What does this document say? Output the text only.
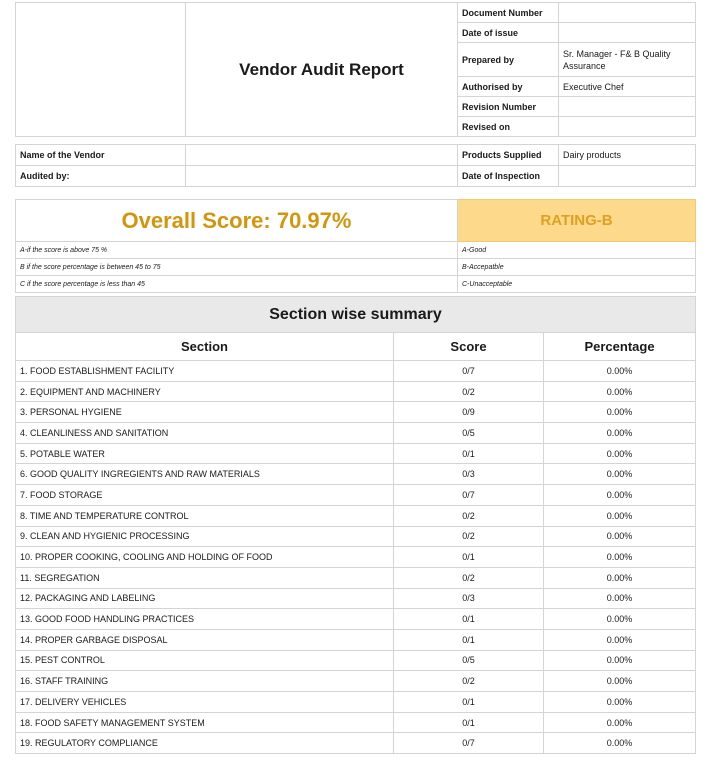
	Vendor Audit Report	Document Number	
		Date of issue	
		Prepared by	Sr. Manager - F& B Quality Assurance
		Authorised by	Executive Chef
		Revision Number	
		Revised on	
Name of the Vendor		Products Supplied	Dairy products
Audited by:		Date of Inspection	
Overall Score: 70.97%	RATING-B
A-if the score is above 75 %	A-Good
B if the score percentage is between 45 to 75	B-Accepatble
C if the score percentage is less than 45	C-Unacceptable
Section wise summary		
Section	Score	Percentage
1. FOOD ESTABLISHMENT FACILITY	0/7	0.00%
2. EQUIPMENT AND MACHINERY	0/2	0.00%
3. PERSONAL HYGIENE	0/9	0.00%
4. CLEANLINESS AND SANITATION	0/5	0.00%
5. POTABLE WATER	0/1	0.00%
6. GOOD QUALITY INGREGIENTS AND RAW MATERIALS	0/3	0.00%
7. FOOD STORAGE	0/7	0.00%
8. TIME AND TEMPERATURE CONTROL	0/2	0.00%
9. CLEAN AND HYGIENIC PROCESSING	0/2	0.00%
10. PROPER COOKING, COOLING AND HOLDING OF FOOD	0/1	0.00%
11. SEGREGATION	0/2	0.00%
12. PACKAGING AND LABELING	0/3	0.00%
13. GOOD FOOD HANDLING PRACTICES	0/1	0.00%
14. PROPER GARBAGE DISPOSAL	0/1	0.00%
15. PEST CONTROL	0/5	0.00%
16. STAFF TRAINING	0/2	0.00%
17. DELIVERY VEHICLES	0/1	0.00%
18. FOOD SAFETY MANAGEMENT SYSTEM	0/1	0.00%
19. REGULATORY COMPLIANCE	0/7	0.00%
